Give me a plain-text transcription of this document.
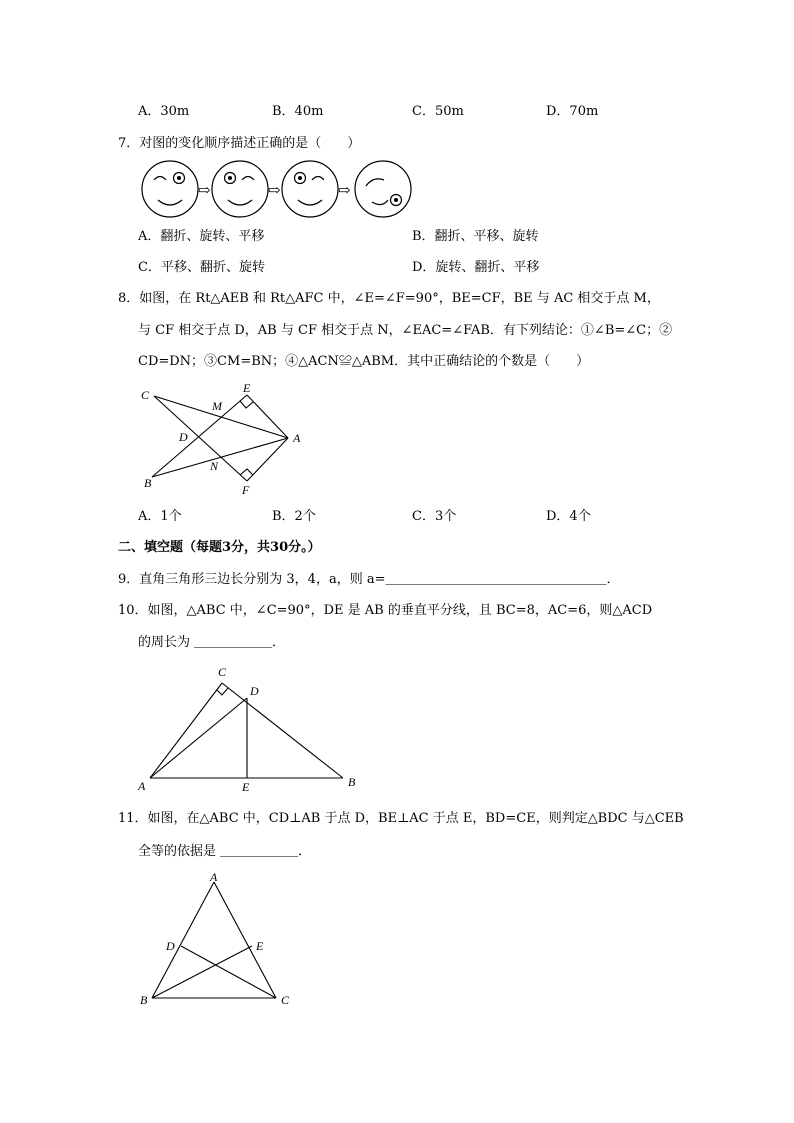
A．30m	B．40m	C．50m	D．70m
7．对图的变化顺序描述正确的是（　　）
⇨	⇨	⇨
A．翻折、旋转、平移	B．翻折、平移、旋转
C．平移、翻折、旋转	D．旋转、翻折、平移
8．如图，在 Rt△AEB 和 Rt△AFC 中，∠E=∠F=90°，BE=CF，BE 与 AC 相交于点 M，
与 CF 相交于点 D，AB 与 CF 相交于点 N，∠EAC=∠FAB．有下列结论：①∠B=∠C；②
CD=DN；③CM=BN；④△ACN≌△ABM．其中正确结论的个数是（　　）
C	E
M
D	A
B
N
F
A．1个	B．2个	C．3个	D．4个
二、填空题（每题3分，共30分。）
9．直角三角形三边长分别为 3，4，a，则 a=＿＿＿＿＿＿＿＿＿＿＿＿＿＿＿＿＿．
10．如图，△ABC 中，∠C=90°，DE 是 AB 的垂直平分线，且 BC=8，AC=6，则△ACD
的周长为 ＿＿＿＿＿＿．
C
D
A	E	B
11．如图，在△ABC 中，CD⊥AB 于点 D，BE⊥AC 于点 E，BD=CE，则判定△BDC 与△CEB
全等的依据是 ＿＿＿＿＿＿．
A
D	E
B	C
